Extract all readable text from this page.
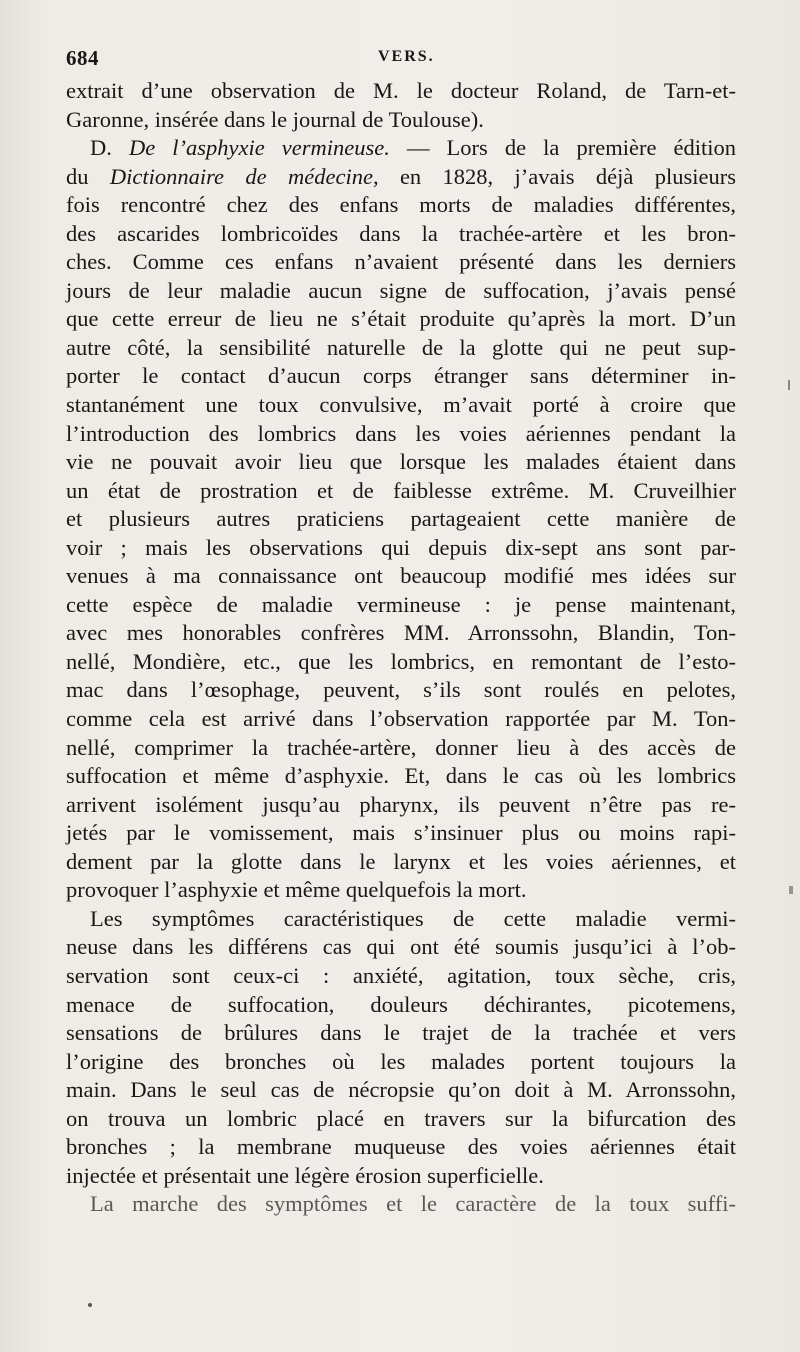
684	VERS.
extrait d’une observation de M. le docteur Roland, de Tarn-et-
Garonne, insérée dans le journal de Toulouse).
D. De l’asphyxie vermineuse. — Lors de la première édition
du Dictionnaire de médecine, en 1828, j’avais déjà plusieurs
fois rencontré chez des enfans morts de maladies différentes,
des ascarides lombricoïdes dans la trachée-artère et les bron-
ches. Comme ces enfans n’avaient présenté dans les derniers
jours de leur maladie aucun signe de suffocation, j’avais pensé
que cette erreur de lieu ne s’était produite qu’après la mort. D’un
autre côté, la sensibilité naturelle de la glotte qui ne peut sup-
porter le contact d’aucun corps étranger sans déterminer in-
stantanément une toux convulsive, m’avait porté à croire que
l’introduction des lombrics dans les voies aériennes pendant la
vie ne pouvait avoir lieu que lorsque les malades étaient dans
un état de prostration et de faiblesse extrême. M. Cruveilhier
et plusieurs autres praticiens partageaient cette manière de
voir ; mais les observations qui depuis dix-sept ans sont par-
venues à ma connaissance ont beaucoup modifié mes idées sur
cette espèce de maladie vermineuse : je pense maintenant,
avec mes honorables confrères MM. Arronssohn, Blandin, Ton-
nellé, Mondière, etc., que les lombrics, en remontant de l’esto-
mac dans l’œsophage, peuvent, s’ils sont roulés en pelotes,
comme cela est arrivé dans l’observation rapportée par M. Ton-
nellé, comprimer la trachée-artère, donner lieu à des accès de
suffocation et même d’asphyxie. Et, dans le cas où les lombrics
arrivent isolément jusqu’au pharynx, ils peuvent n’être pas re-
jetés par le vomissement, mais s’insinuer plus ou moins rapi-
dement par la glotte dans le larynx et les voies aériennes, et
provoquer l’asphyxie et même quelquefois la mort.
Les symptômes caractéristiques de cette maladie vermi-
neuse dans les différens cas qui ont été soumis jusqu’ici à l’ob-
servation sont ceux-ci : anxiété, agitation, toux sèche, cris,
menace de suffocation, douleurs déchirantes, picotemens,
sensations de brûlures dans le trajet de la trachée et vers
l’origine des bronches où les malades portent toujours la
main. Dans le seul cas de nécropsie qu’on doit à M. Arronssohn,
on trouva un lombric placé en travers sur la bifurcation des
bronches ; la membrane muqueuse des voies aériennes était
injectée et présentait une légère érosion superficielle.
La marche des symptômes et le caractère de la toux suffi-
